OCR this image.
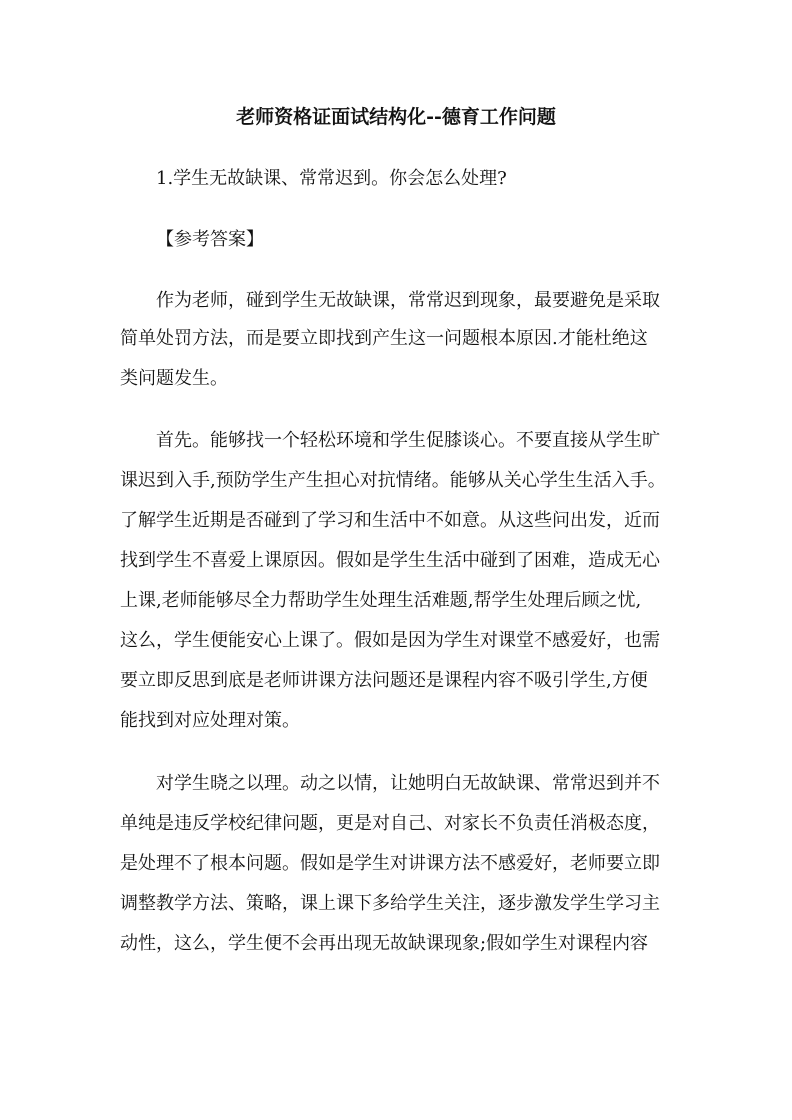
老师资格证面试结构化--德育工作问题
1.学生无故缺课、常常迟到。你会怎么处理?
【参考答案】
作为老师，碰到学生无故缺课，常常迟到现象，最要避免是采取
简单处罚方法，而是要立即找到产生这一问题根本原因.才能杜绝这
类问题发生。
首先。能够找一个轻松环境和学生促膝谈心。不要直接从学生旷
课迟到入手,预防学生产生担心对抗情绪。能够从关心学生生活入手。
了解学生近期是否碰到了学习和生活中不如意。从这些问出发，近而
找到学生不喜爱上课原因。假如是学生生活中碰到了困难，造成无心
上课,老师能够尽全力帮助学生处理生活难题,帮学生处理后顾之忧,
这么，学生便能安心上课了。假如是因为学生对课堂不感爱好，也需
要立即反思到底是老师讲课方法问题还是课程内容不吸引学生,方便
能找到对应处理对策。
对学生晓之以理。动之以情，让她明白无故缺课、常常迟到并不
单纯是违反学校纪律问题，更是对自己、对家长不负责任消极态度，
是处理不了根本问题。假如是学生对讲课方法不感爱好，老师要立即
调整教学方法、策略，课上课下多给学生关注，逐步激发学生学习主
动性，这么，学生便不会再出现无故缺课现象;假如学生对课程内容
